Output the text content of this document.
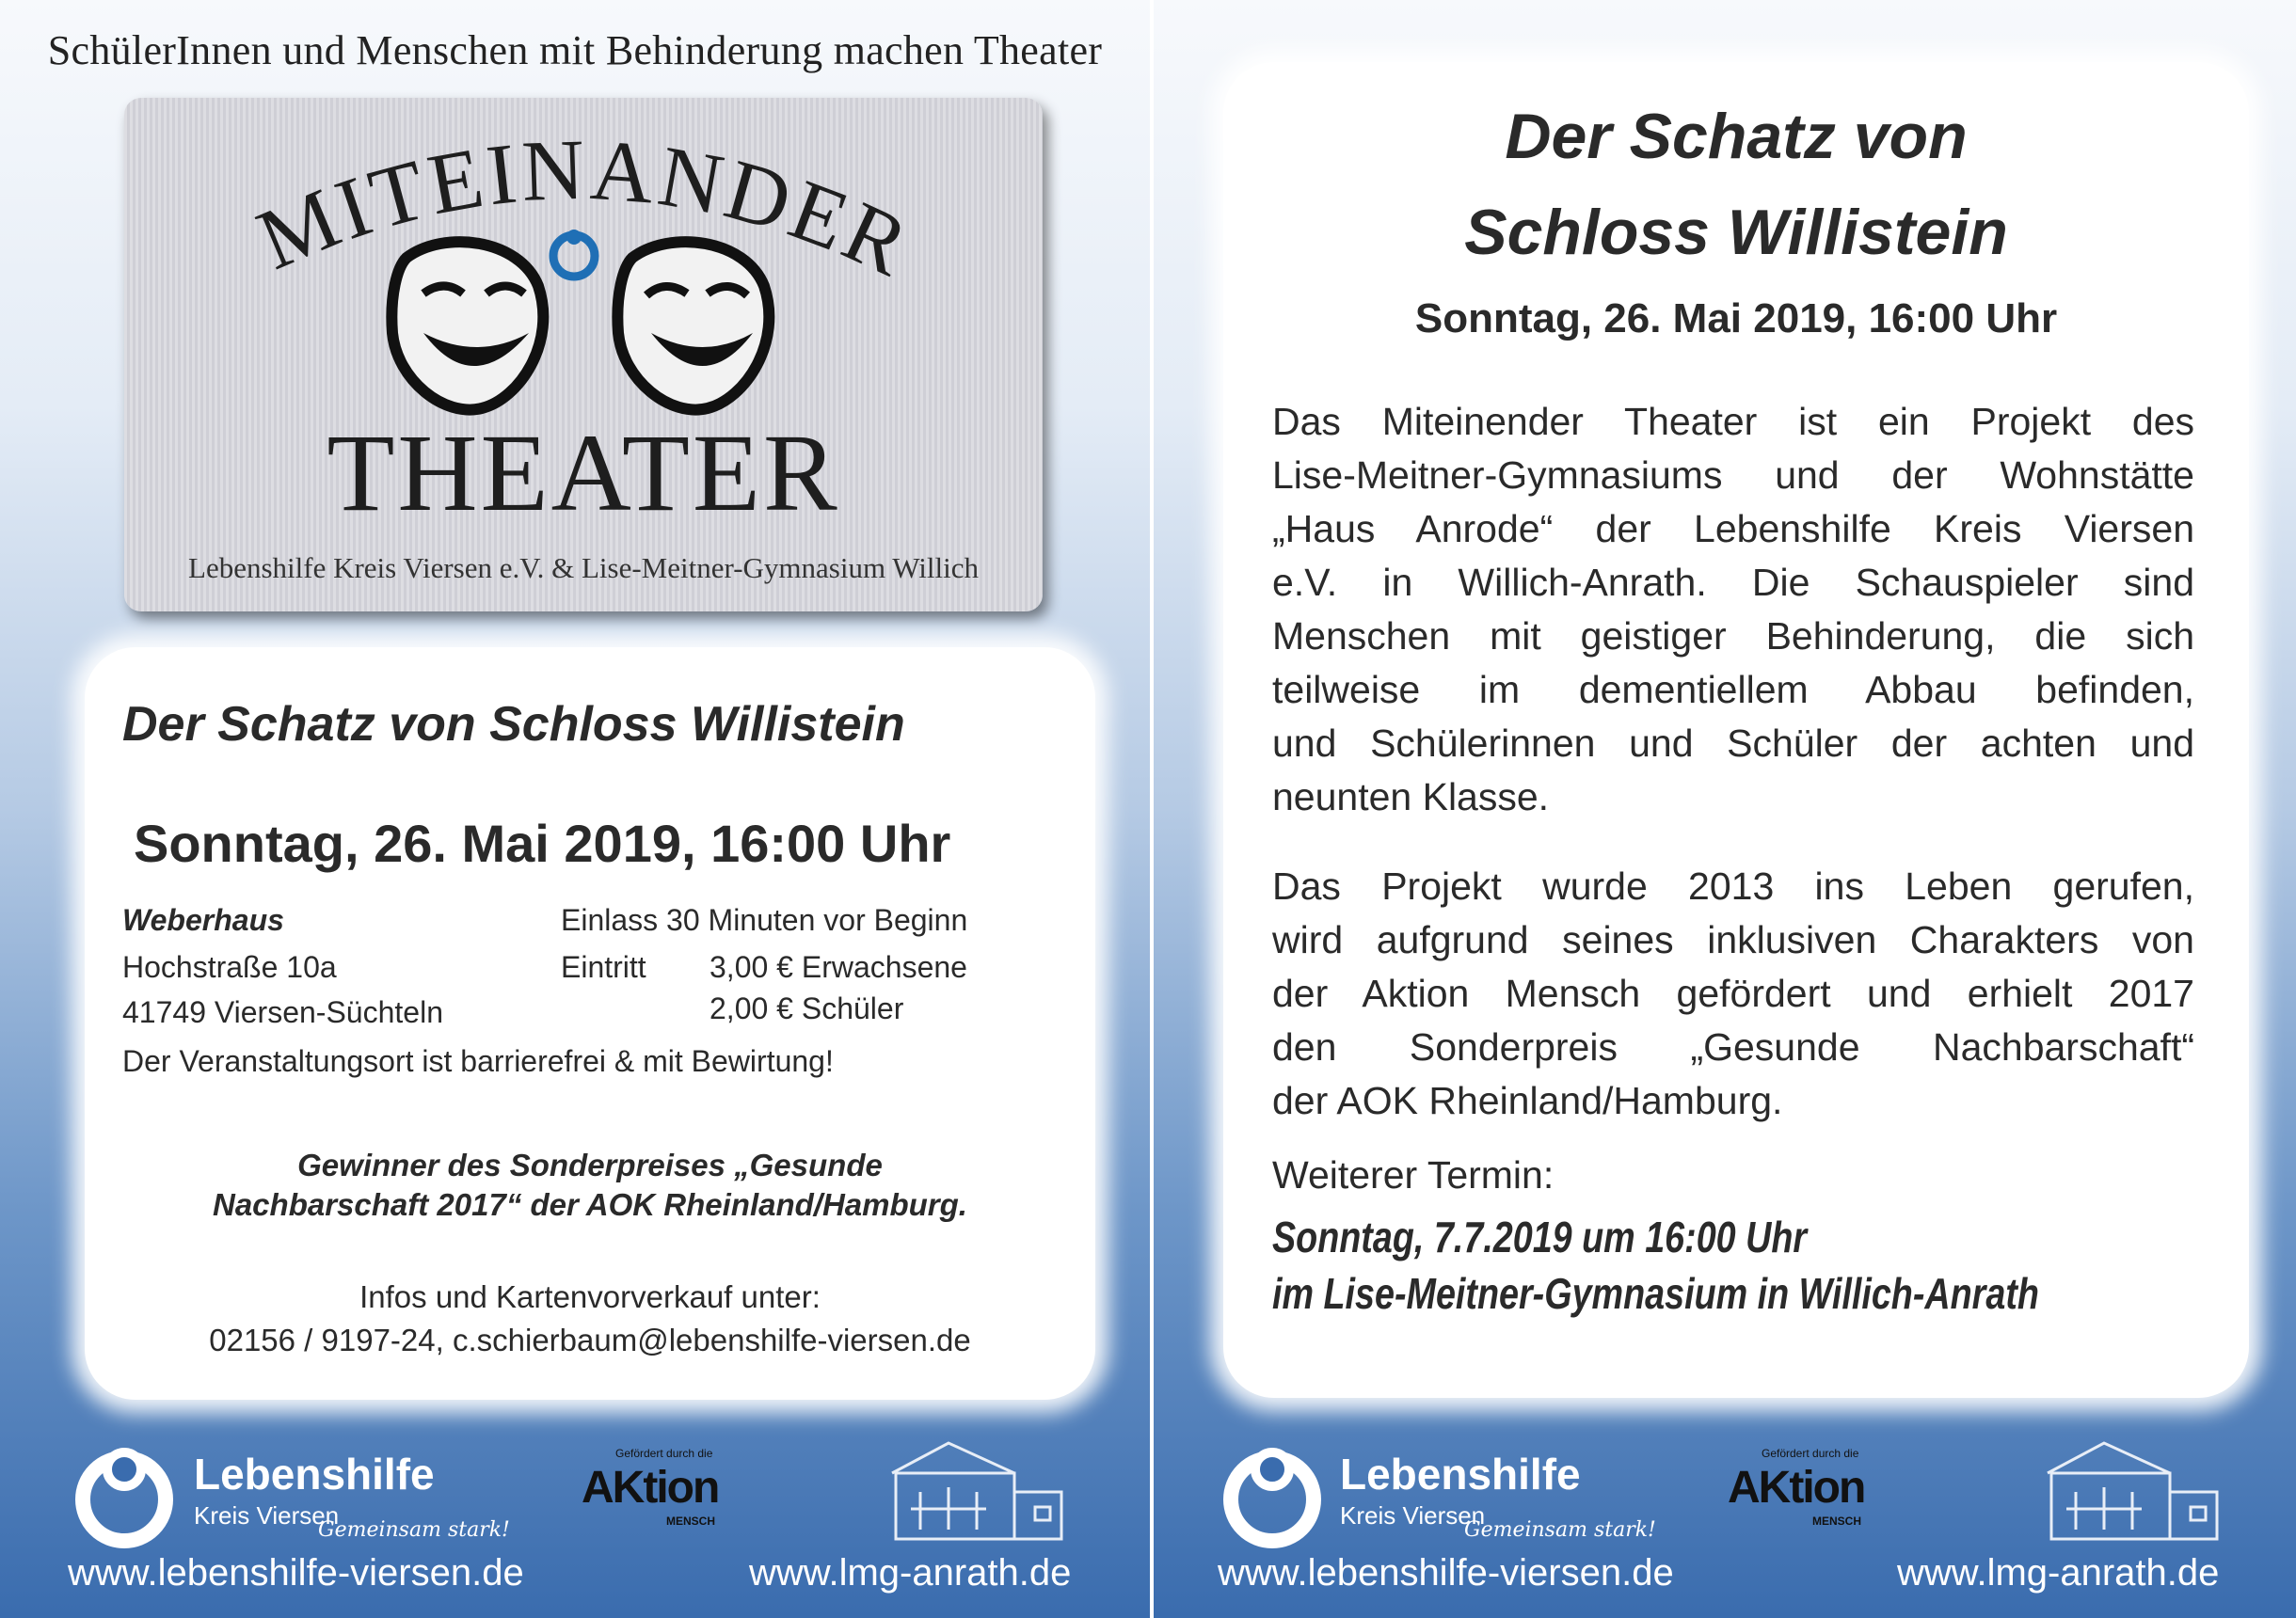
SchülerInnen und Menschen mit Behinderung machen Theater
MITEINANDER
THEATER
Lebenshilfe Kreis Viersen e.V. & Lise-Meitner-Gymnasium Willich
Der Schatz von Schloss Willistein
Sonntag, 26. Mai 2019, 16:00 Uhr
Weberhaus
Hochstraße 10a
41749 Viersen-Süchteln
Einlass 30 Minuten vor Beginn
Eintritt 3,00 € Erwachsene
2,00 € Schüler
Der Veranstaltungsort ist barrierefrei & mit Bewirtung!
Gewinner des Sonderpreises „Gesunde
Nachbarschaft 2017“ der AOK Rheinland/Hamburg.
Infos und Kartenvorverkauf unter:
02156 / 9197-24, c.schierbaum@lebenshilfe-viersen.de
Lebenshilfe
Kreis Viersen
Gemeinsam stark!
Gefördert durch die
AKtion
MENSCH
www.lebenshilfe-viersen.de	www.lmg-anrath.de
Der Schatz von
Schloss Willistein
Sonntag, 26. Mai 2019, 16:00 Uhr
Das Miteinender Theater ist ein Projekt des
Lise-Meitner-Gymnasiums und der Wohnstätte
„Haus Anrode“ der Lebenshilfe Kreis Viersen
e.V. in Willich-Anrath. Die Schauspieler sind
Menschen mit geistiger Behinderung, die sich
teilweise im dementiellem Abbau befinden,
und Schülerinnen und Schüler der achten und
neunten Klasse.
Das Projekt wurde 2013 ins Leben gerufen,
wird aufgrund seines inklusiven Charakters von
der Aktion Mensch gefördert und erhielt 2017
den Sonderpreis „Gesunde Nachbarschaft“
der AOK Rheinland/Hamburg.
Weiterer Termin:
Sonntag, 7.7.2019 um 16:00 Uhr
im Lise-Meitner-Gymnasium in Willich-Anrath
Lebenshilfe
Kreis Viersen
Gemeinsam stark!
Gefördert durch die
AKtion
MENSCH
www.lebenshilfe-viersen.de	www.lmg-anrath.de
